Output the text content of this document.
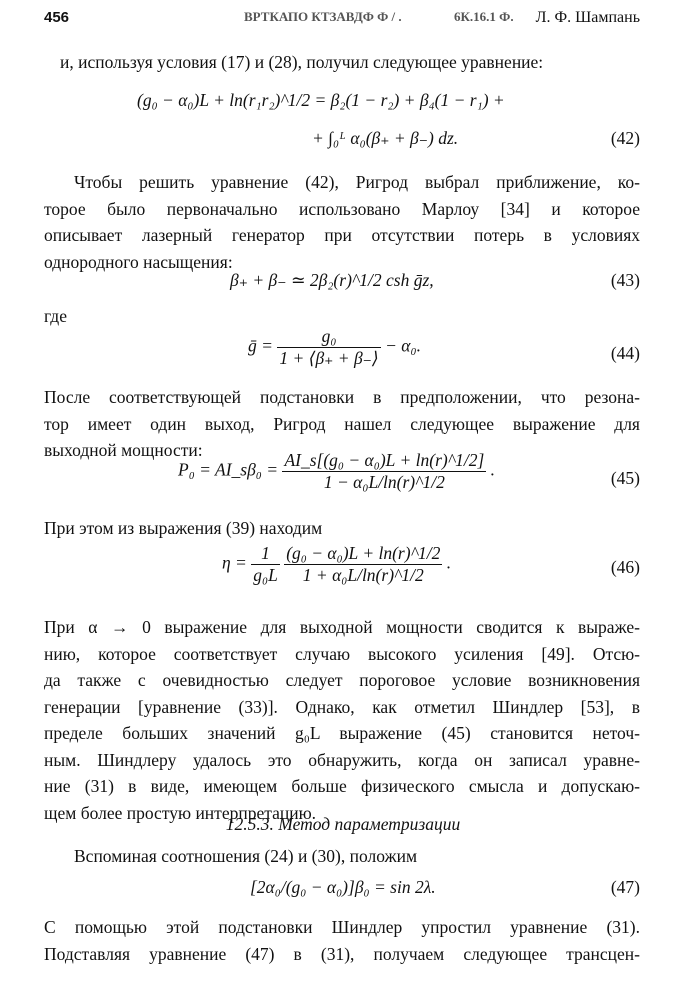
456	ВРТКАПО КТЗАВДФ Ф / .	6К.16.1 Ф. Л. Ф. Шампань

и, используя условия (17) и (28), получил следующее уравнение:

(g₀ − α₀)L + ln(r₁r₂)^1/2 = β₂(1 − r₂) + β₄(1 − r₁) +
+ ∫₀ᴸ α₀(β₊ + β₋) dz.	(42)

Чтобы решить уравнение (42), Ригрод выбрал приближение, ко-
торое было первоначально использовано Марлоу [34] и которое
описывает лазерный генератор при отсутствии потерь в условиях
однородного насыщения:

β₊ + β₋ ≃ 2β₂(r)^1/2 csh ḡz,	(43)
где
ḡ = $\frac{\text{g₀}}{1 + ⟨\beta_+ + \beta_-⟩} - \alpha_0$.	(44)

После соответствующей подстановки в предположении, что резона-
тор имеет один выход, Ригрод нашел следующее выражение для
выходной мощности:

P₀ = AI_sβ₀ = $\frac{\text{AI\_s[(g₀ − α₀)L + ln(r)\textasciicircum{}1/2]}}{\text{1 − α₀L/ln(r)\textasciicircum{}1/2}}$ .	(45)

При этом из выражения (39) находим

$\eta = \frac{1}{\text{g₀L}}$
$\frac{\text{(g₀ − α₀)L + ln(r)\textasciicircum{}1/2}}{\text{1 + α₀L/ln(r)\textasciicircum{}1/2}}$ .	(46)

При α → 0 выражение для выходной мощности сводится к выраже-
нию, которое соответствует случаю высокого усиления [49]. Отсю-
да также с очевидностью следует пороговое условие возникновения
генерации [уравнение (33)]. Однако, как отметил Шиндлер [53], в
пределе больших значений g₀L выражение (45) становится неточ-
ным. Шиндлеру удалось это обнаружить, когда он записал уравне-
ние (31) в виде, имеющем больше физического смысла и допускаю-
щем более простую интерпретацию.

12.5.3. Метод параметризации

Вспоминая соотношения (24) и (30), положим

[2α₀/(g₀ − α₀)]β₀ = sin 2λ.	(47)

С помощью этой подстановки Шиндлер упростил уравнение (31).
Подставляя уравнение (47) в (31), получаем следующее трансцен-
